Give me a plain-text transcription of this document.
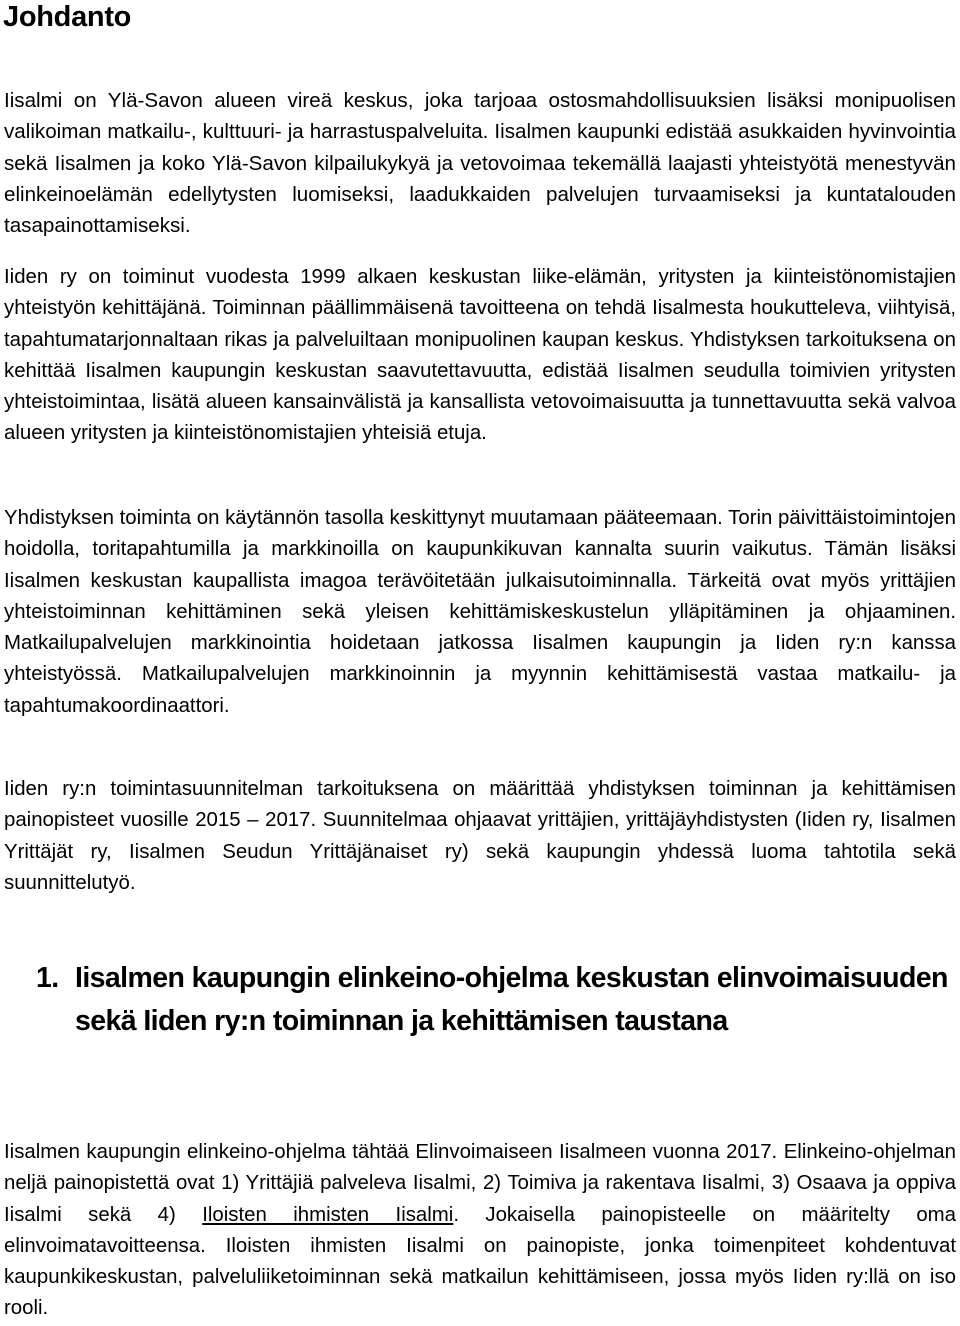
Johdanto

Iisalmi on Ylä-Savon alueen vireä keskus, joka tarjoaa ostosmahdollisuuksien lisäksi monipuolisen valikoiman matkailu-, kulttuuri- ja harrastuspalveluita. Iisalmen kaupunki edistää asukkaiden hyvinvointia sekä Iisalmen ja koko Ylä-Savon kilpailukykyä ja vetovoimaa tekemällä laajasti yhteistyötä menestyvän elinkeinoelämän edellytysten luomiseksi, laadukkaiden palvelujen turvaamiseksi ja kuntatalouden tasapainottamiseksi.

Iiden ry on toiminut vuodesta 1999 alkaen keskustan liike-elämän, yritysten ja kiinteistönomistajien yhteistyön kehittäjänä. Toiminnan päällimmäisenä tavoitteena on tehdä Iisalmesta houkutteleva, viihtyisä, tapahtumatarjonnaltaan rikas ja palveluiltaan monipuolinen kaupan keskus. Yhdistyksen tarkoituksena on kehittää Iisalmen kaupungin keskustan saavutettavuutta, edistää Iisalmen seudulla toimivien yritysten yhteistoimintaa, lisätä alueen kansainvälistä ja kansallista vetovoimaisuutta ja tunnettavuutta sekä valvoa alueen yritysten ja kiinteistönomistajien yhteisiä etuja.

Yhdistyksen toiminta on käytännön tasolla keskittynyt muutamaan pääteemaan. Torin päivittäistoimintojen hoidolla, toritapahtumilla ja markkinoilla on kaupunkikuvan kannalta suurin vaikutus. Tämän lisäksi Iisalmen keskustan kaupallista imagoa terävöitetään julkaisutoiminnalla. Tärkeitä ovat myös yrittäjien yhteistoiminnan kehittäminen sekä yleisen kehittämiskeskustelun ylläpitäminen ja ohjaaminen. Matkailupalvelujen markkinointia hoidetaan jatkossa Iisalmen kaupungin ja Iiden ry:n kanssa yhteistyössä. Matkailupalvelujen markkinoinnin ja myynnin kehittämisestä vastaa matkailu- ja tapahtumakoordinaattori.

Iiden ry:n toimintasuunnitelman tarkoituksena on määrittää yhdistyksen toiminnan ja kehittämisen painopisteet vuosille 2015 – 2017. Suunnitelmaa ohjaavat yrittäjien, yrittäjäyhdistysten (Iiden ry, Iisalmen Yrittäjät ry, Iisalmen Seudun Yrittäjänaiset ry) sekä kaupungin yhdessä luoma tahtotila sekä suunnittelutyö.

1. Iisalmen kaupungin elinkeino-ohjelma keskustan elinvoimaisuuden sekä Iiden ry:n toiminnan ja kehittämisen taustana

Iisalmen kaupungin elinkeino-ohjelma tähtää Elinvoimaiseen Iisalmeen vuonna 2017. Elinkeino-ohjelman neljä painopistettä ovat 1) Yrittäjiä palveleva Iisalmi, 2) Toimiva ja rakentava Iisalmi, 3) Osaava ja oppiva Iisalmi sekä 4) Iloisten ihmisten Iisalmi. Jokaisella painopisteelle on määritelty oma elinvoimatavoitteensa. Iloisten ihmisten Iisalmi on painopiste, jonka toimenpiteet kohdentuvat kaupunkikeskustan, palveluliiketoiminnan sekä matkailun kehittämiseen, jossa myös Iiden ry:llä on iso rooli.
